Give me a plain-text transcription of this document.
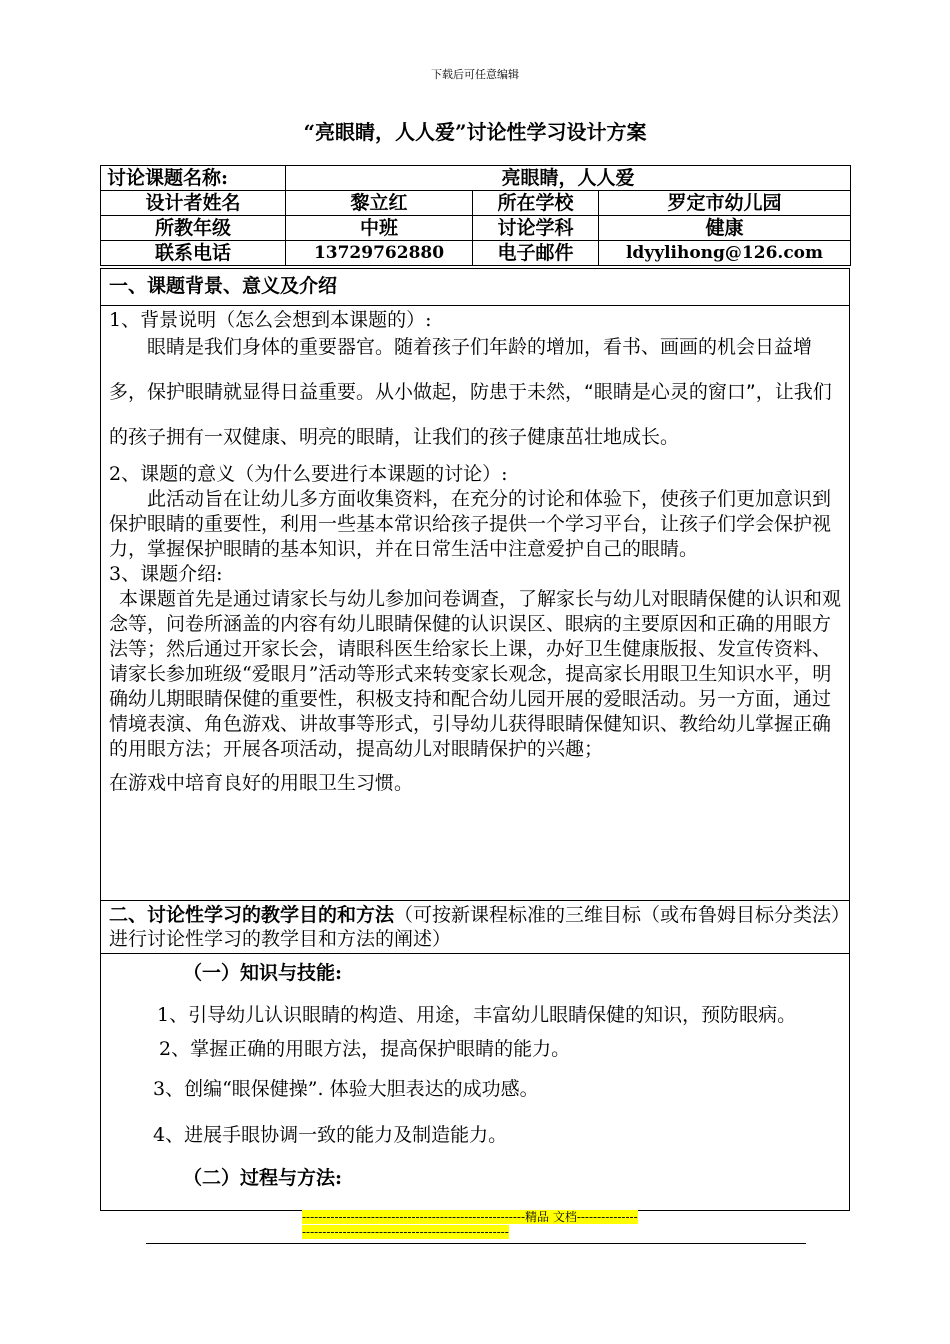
下载后可任意编辑
“亮眼睛，人人爱”讨论性学习设计方案
讨论课题名称:	亮眼睛，人人爱		
设计者姓名	黎立红	所在学校	罗定市幼儿园
所教年级	中班	讨论学科	健康
联系电话	13729762880	电子邮件	ldyylihong@126.com
一、课题背景、意义及介绍

1、背景说明（怎么会想到本课题的）:

眼睛是我们身体的重要器官。随着孩子们年龄的增加，看书、画画的机会日益增多，保护眼睛就显得日益重要。从小做起，防患于未然，“眼睛是心灵的窗口”，让我们的孩子拥有一双健康、明亮的眼睛，让我们的孩子健康茁壮地成长。

2、课题的意义（为什么要进行本课题的讨论）:

此活动旨在让幼儿多方面收集资料，在充分的讨论和体验下，使孩子们更加意识到保护眼睛的重要性，利用一些基本常识给孩子提供一个学习平台，让孩子们学会保护视力，掌握保护眼睛的基本知识，并在日常生活中注意爱护自己的眼睛。

3、课题介绍:

本课题首先是通过请家长与幼儿参加问卷调查，了解家长与幼儿对眼睛保健的认识和观念等，问卷所涵盖的内容有幼儿眼睛保健的认识误区、眼病的主要原因和正确的用眼方法等；然后通过开家长会，请眼科医生给家长上课，办好卫生健康版报、发宣传资料、请家长参加班级“爱眼月”活动等形式来转变家长观念，提高家长用眼卫生知识水平，明确幼儿期眼睛保健的重要性，积极支持和配合幼儿园开展的爱眼活动。另一方面，通过情境表演、角色游戏、讲故事等形式，引导幼儿获得眼睛保健知识、教给幼儿掌握正确的用眼方法；开展各项活动，提高幼儿对眼睛保护的兴趣；

在游戏中培育良好的用眼卫生习惯。

二、讨论性学习的教学目的和方法（可按新课程标准的三维目标（或布鲁姆目标分类法）进行讨论性学习的教学目和方法的阐述）

（一）知识与技能:

1、引导幼儿认识眼睛的构造、用途，丰富幼儿眼睛保健的知识，预防眼病。

2、掌握正确的用眼方法，提高保护眼睛的能力。

3、创编“眼保健操”. 体验大胆表达的成功感。

4、进展手眼协调一致的能力及制造能力。

（二）过程与方法:

-------------------------------------------------------精品 文档------------------------------------------------------------------
